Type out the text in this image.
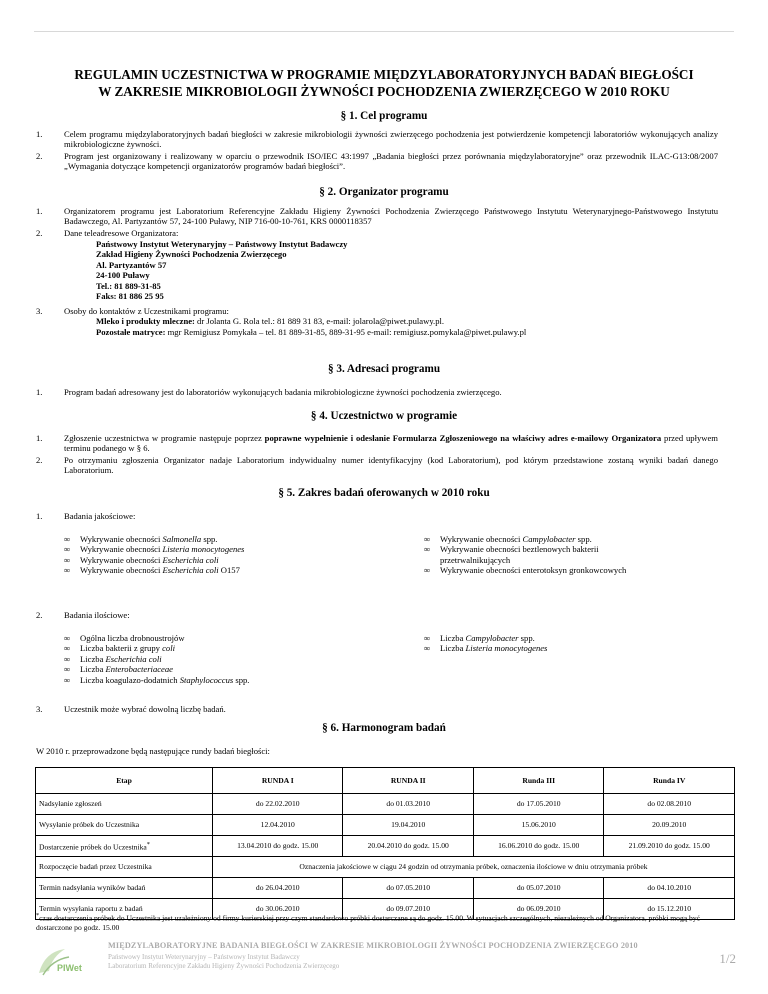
REGULAMIN UCZESTNICTWA W PROGRAMIE MIĘDZYLABORATORYJNYCH BADAŃ BIEGŁOŚCI
W ZAKRESIE MIKROBIOLOGII ŻYWNOŚCI POCHODZENIA ZWIERZĘCEGO W 2010 ROKU
§ 1. Cel programu
1.	Celem programu międzylaboratoryjnych badań biegłości w zakresie mikrobiologii żywności zwierzęcego pochodzenia jest potwierdzenie kompetencji laboratoriów wykonujących analizy mikrobiologiczne żywności.
2.	Program jest organizowany i realizowany w oparciu o przewodnik ISO/IEC 43:1997 „Badania biegłości przez porównania międzylaboratoryjne” oraz przewodnik ILAC-G13:08/2007 „Wymagania dotyczące kompetencji organizatorów programów badań biegłości”.
§ 2. Organizator programu
1.	Organizatorem programu jest Laboratorium Referencyjne Zakładu Higieny Żywności Pochodzenia Zwierzęcego Państwowego Instytutu Weterynaryjnego-Państwowego Instytutu Badawczego, Al. Partyzantów 57, 24-100 Puławy, NIP 716-00-10-761, KRS 0000118357
2.	Dane teleadresowe Organizatora:
Państwowy Instytut Weterynaryjny – Państwowy Instytut Badawczy
Zakład Higieny Żywności Pochodzenia Zwierzęcego
Al. Partyzantów 57
24-100 Puławy
Tel.: 81 889-31-85
Faks: 81 886 25 95
3.	Osoby do kontaktów z Uczestnikami programu:
Mleko i produkty mleczne: dr Jolanta G. Rola tel.: 81 889 31 83, e-mail: jolarola@piwet.pulawy.pl.
Pozostałe matryce: mgr Remigiusz Pomykała – tel. 81 889-31-85, 889-31-95 e-mail: remigiusz.pomykala@piwet.pulawy.pl
§ 3. Adresaci programu
1.	Program badań adresowany jest do laboratoriów wykonujących badania mikrobiologiczne żywności pochodzenia zwierzęcego.
§ 4. Uczestnictwo w programie
1.	Zgłoszenie uczestnictwa w programie następuje poprzez poprawne wypełnienie i odesłanie Formularza Zgłoszeniowego na właściwy adres e-mailowy Organizatora przed upływem terminu podanego w § 6.
2.	Po otrzymaniu zgłoszenia Organizator nadaje Laboratorium indywidualny numer identyfikacyjny (kod Laboratorium), pod którym przedstawione zostaną wyniki badań danego Laboratorium.
§ 5. Zakres badań oferowanych w 2010 roku
1.	Badania jakościowe:
∞ Wykrywanie obecności Salmonella spp.
∞ Wykrywanie obecności Listeria monocytogenes
∞ Wykrywanie obecności Escherichia coli
∞ Wykrywanie obecności Escherichia coli O157
∞ Wykrywanie obecności Campylobacter spp.
∞ Wykrywanie obecności beztlenowych bakterii przetrwalnikujących
∞ Wykrywanie obecności enterotoksyn gronkowcowych
2.	Badania ilościowe:
∞ Ogólna liczba drobnoustrojów
∞ Liczba bakterii z grupy coli
∞ Liczba Escherichia coli
∞ Liczba Enterobacteriaceae
∞ Liczba koagulazo-dodatnich Staphylococcus spp.
∞ Liczba Campylobacter spp.
∞ Liczba Listeria monocytogenes
3.	Uczestnik może wybrać dowolną liczbę badań.
§ 6. Harmonogram badań
W 2010 r. przeprowadzone będą następujące rundy badań biegłości:
Etap	RUNDA I	RUNDA II	Runda III	Runda IV
Nadsyłanie zgłoszeń	do 22.02.2010	do 01.03.2010	do 17.05.2010	do 02.08.2010
Wysyłanie próbek do Uczestnika	12.04.2010	19.04.2010	15.06.2010	20.09.2010
Dostarczenie próbek do Uczestnika*	13.04.2010 do godz. 15.00	20.04.2010 do godz. 15.00	16.06.2010 do godz. 15.00	21.09.2010 do godz. 15.00
Rozpoczęcie badań przez Uczestnika	Oznaczenia jakościowe w ciągu 24 godzin od otrzymania próbek, oznaczenia ilościowe w dniu otrzymania próbek			
Termin nadsyłania wyników badań	do 26.04.2010	do 07.05.2010	do 05.07.2010	do 04.10.2010
Termin wysyłania raportu z badań	do 30.06.2010	do 09.07.2010	do 06.09.2010	do 15.12.2010
*czas dostarczenia próbek do Uczestnika jest uzależniony od firmy kurierskiej przy czym standardowo próbki dostarczane są do godz. 15.00. W sytuacjach szczególnych, niezależnych od Organizatora, próbki mogą być dostarczone po godz. 15.00
PIWet
MIĘDZYLABORATORYJNE BADANIA BIEGŁOŚCI W ZAKRESIE MIKROBIOLOGII ŻYWNOŚCI POCHODZENIA ZWIERZĘCEGO 2010
Państwowy Instytut Weterynaryjny – Państwowy Instytut Badawczy
Laboratorium Referencyjne Zakładu Higieny Żywności Pochodzenia Zwierzęcego	1/2
